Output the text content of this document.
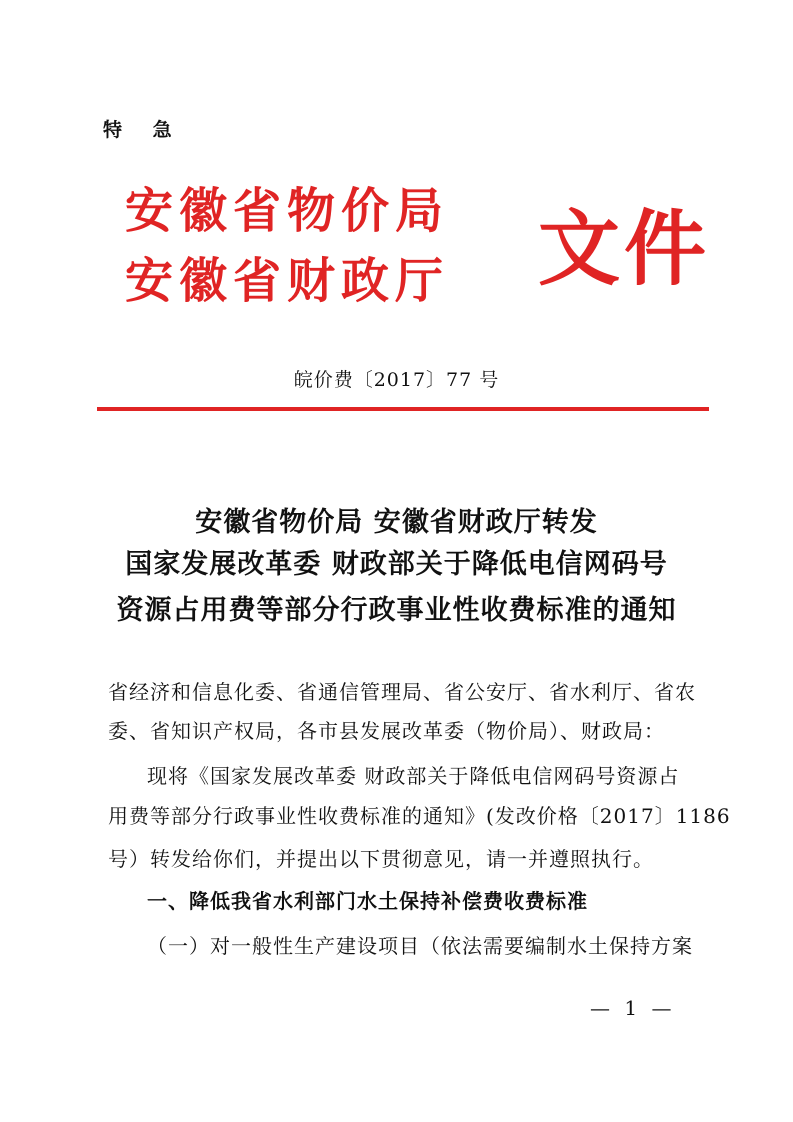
特 急
安徽省物价局
安徽省财政厅 文件
皖价费〔2017〕77 号
安徽省物价局 安徽省财政厅转发
国家发展改革委 财政部关于降低电信网码号
资源占用费等部分行政事业性收费标准的通知
省经济和信息化委、省通信管理局、省公安厅、省水利厅、省农
委、省知识产权局，各市县发展改革委（物价局）、财政局：
现将《国家发展改革委 财政部关于降低电信网码号资源占
用费等部分行政事业性收费标准的通知》(发改价格〔2017〕1186
号）转发给你们，并提出以下贯彻意见，请一并遵照执行。
一、降低我省水利部门水土保持补偿费收费标准
（一）对一般性生产建设项目（依法需要编制水土保持方案
— 1 —
